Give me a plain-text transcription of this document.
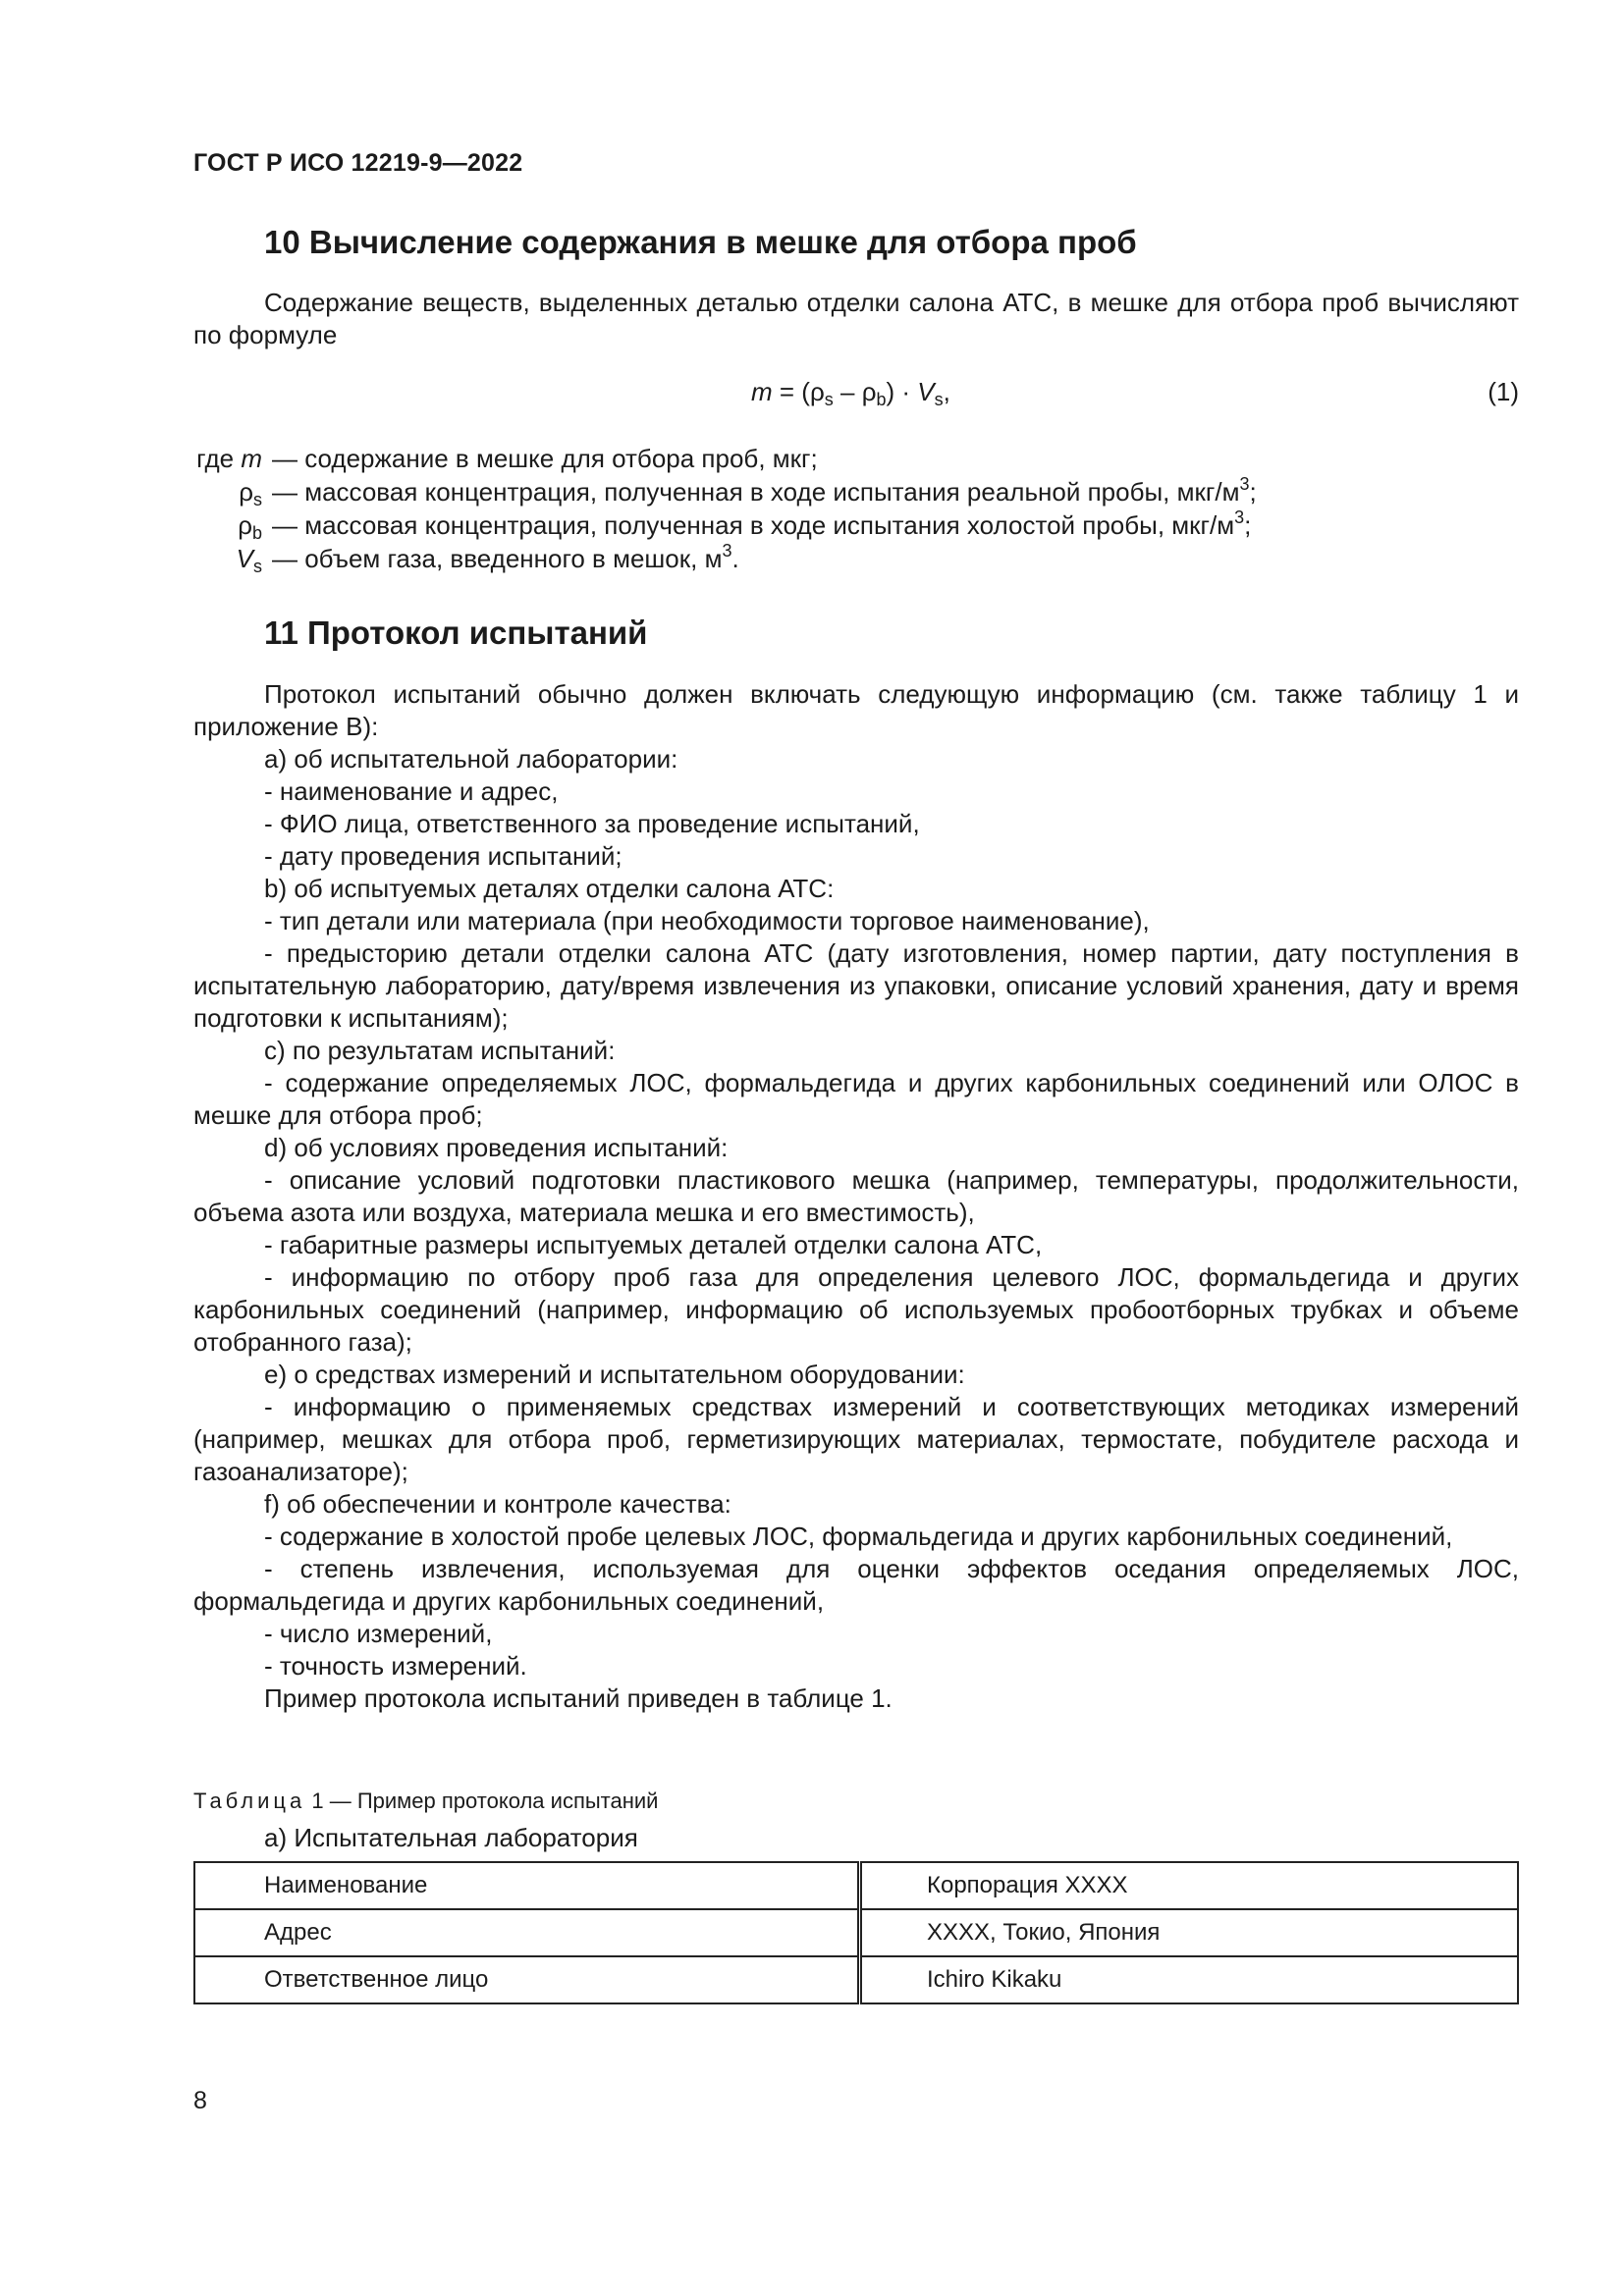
ГОСТ Р ИСО 12219-9—2022
10 Вычисление содержания в мешке для отбора проб

Содержание веществ, выделенных деталью отделки салона АТС, в мешке для отбора проб вычисляют по формуле

$m = (\rho_s - \rho_b) \cdot V_s$,	(1)
где m — содержание в мешке для отбора проб, мкг;
$\rho_s$ — массовая концентрация, полученная в ходе испытания реальной пробы, мкг/$м^3$;
$\rho_b$ — массовая концентрация, полученная в ходе испытания холостой пробы, мкг/$м^3$;
$V_s$ — объем газа, введенного в мешок, $м^3$.
11 Протокол испытаний

Протокол испытаний обычно должен включать следующую информацию (см. также таблицу 1 и приложение В):

a) об испытательной лаборатории:

- наименование и адрес,

- ФИО лица, ответственного за проведение испытаний,

- дату проведения испытаний;

b) об испытуемых деталях отделки салона АТС:

- тип детали или материала (при необходимости торговое наименование),

- предысторию детали отделки салона АТС (дату изготовления, номер партии, дату поступления в испытательную лабораторию, дату/время извлечения из упаковки, описание условий хранения, дату и время подготовки к испытаниям);

c) по результатам испытаний:

- содержание определяемых ЛОС, формальдегида и других карбонильных соединений или ОЛОС в мешке для отбора проб;

d) об условиях проведения испытаний:

- описание условий подготовки пластикового мешка (например, температуры, продолжительности, объема азота или воздуха, материала мешка и его вместимость),

- габаритные размеры испытуемых деталей отделки салона АТС,

- информацию по отбору проб газа для определения целевого ЛОС, формальдегида и других карбонильных соединений (например, информацию об используемых пробоотборных трубках и объеме отобранного газа);

e) о средствах измерений и испытательном оборудовании:

- информацию о применяемых средствах измерений и соответствующих методиках измерений (например, мешках для отбора проб, герметизирующих материалах, термостате, побудителе расхода и газоанализаторе);

f) об обеспечении и контроле качества:

- содержание в холостой пробе целевых ЛОС, формальдегида и других карбонильных соединений,

- степень извлечения, используемая для оценки эффектов оседания определяемых ЛОС, формальдегида и других карбонильных соединений,

- число измерений,

- точность измерений.

Пример протокола испытаний приведен в таблице 1.

Таблица 1 — Пример протокола испытаний
a) Испытательная лаборатория
Наименование	Корпорация XXXX
Адрес	XXXX, Токио, Япония
Ответственное лицо	Ichiro Kikaku
8
